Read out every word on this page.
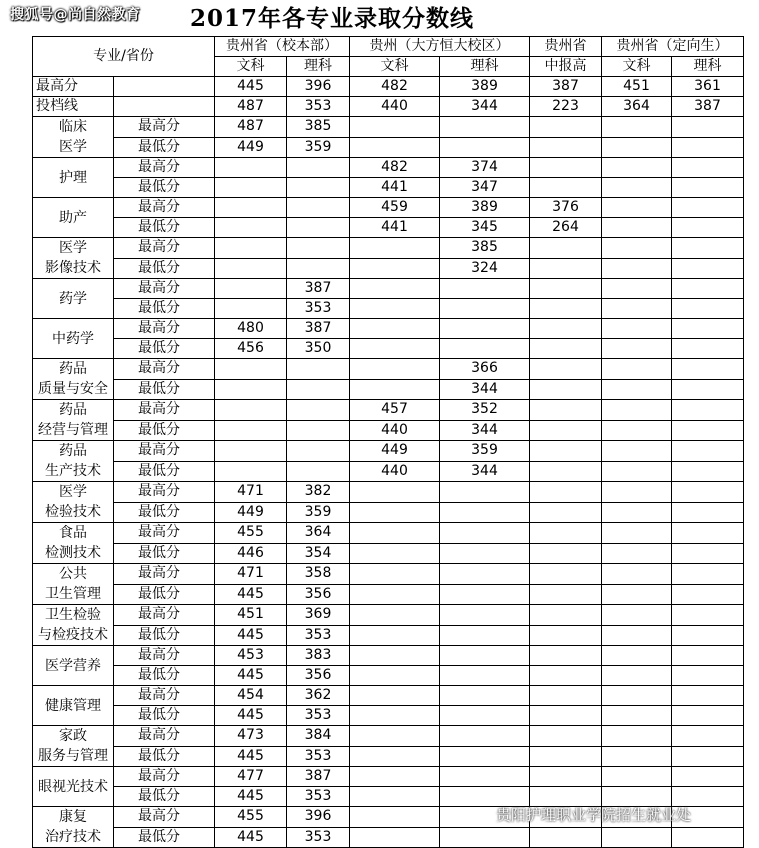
搜狐号@尚自然教育 2017年各专业录取分数线
专业/省份		贵州省（校本部）		贵州（大方恒大校区）		贵州省	贵州省（定向生）	
		文科	理科	文科	理科	中报高	文科	理科
最高分		445	396	482	389	387	451	361
投档线		487	353	440	344	223	364	387
临床
医学	最高分	487	385					
	最低分	449	359					
护理	最高分			482	374			
	最低分			441	347			
助产	最高分			459	389	376		
	最低分			441	345	264		
医学
影像技术	最高分				385			
	最低分				324			
药学	最高分		387					
	最低分		353					
中药学	最高分	480	387					
	最低分	456	350					
药品
质量与安全	最高分				366			
	最低分				344			
药品
经营与管理	最高分			457	352			
	最低分			440	344			
药品
生产技术	最高分			449	359			
	最低分			440	344			
医学
检验技术	最高分	471	382					
	最低分	449	359					
食品
检测技术	最高分	455	364					
	最低分	446	354					
公共
卫生管理	最高分	471	358					
	最低分	445	356					
卫生检验
与检疫技术	最高分	451	369					
	最低分	445	353					
医学营养	最高分	453	383					
	最低分	445	356					
健康管理	最高分	454	362					
	最低分	445	353					
家政
服务与管理	最高分	473	384					
	最低分	445	353					
眼视光技术	最高分	477	387					
	最低分	445	353					
康复
治疗技术	最高分	455	396					
	最低分	445	353					
贵阳护理职业学院招生就业处
